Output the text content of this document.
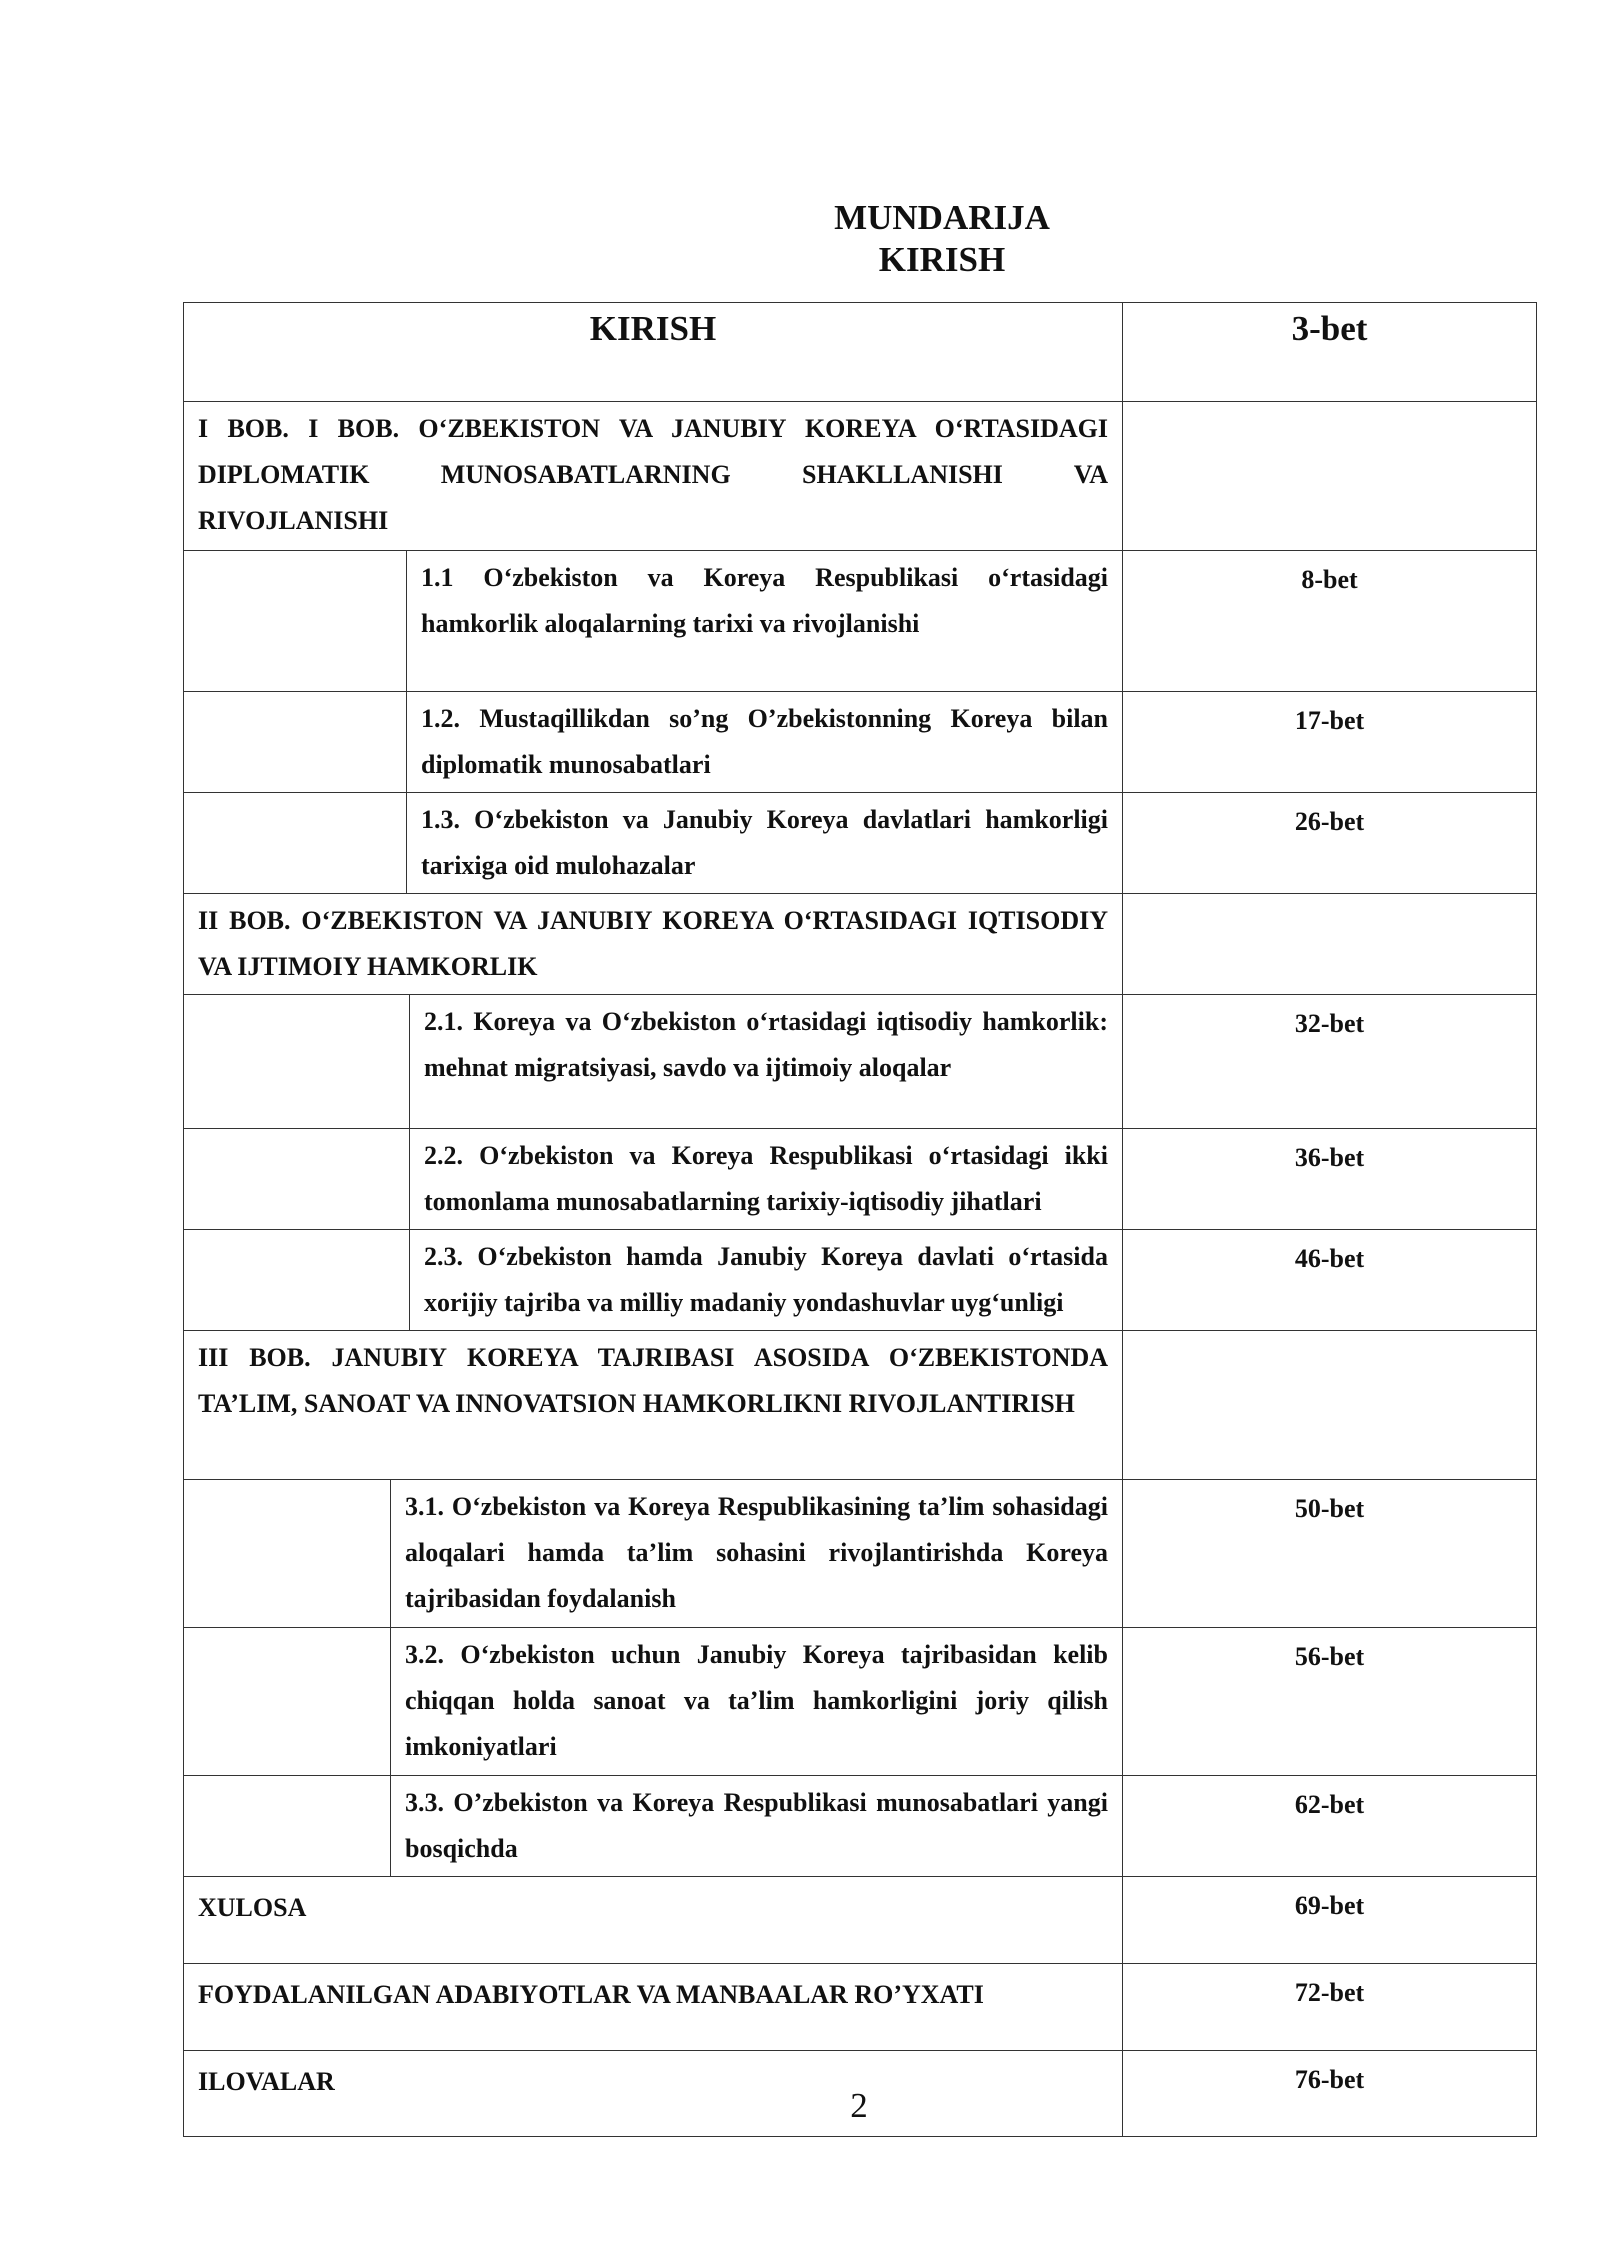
MUNDARIJA
KIRISH
KIRISH	3-bet
I BOB. I BOB. O‘ZBEKISTON VA JANUBIY KOREYA O‘RTASIDAGI DIPLOMATIK MUNOSABATLARNING SHAKLLANISHI VA RIVOJLANISHI	

1.1 O‘zbekiston va Koreya Respublikasi o‘rtasidagi hamkorlik aloqalarning tarixi va rivojlanishi	8-bet

1.2. Mustaqillikdan so’ng O’zbekistonning Koreya bilan diplomatik munosabatlari	17-bet

1.3. O‘zbekiston va Janubiy Koreya davlatlari hamkorligi tarixiga oid mulohazalar	26-bet
II BOB. O‘ZBEKISTON VA JANUBIY KOREYA O‘RTASIDAGI IQTISODIY VA IJTIMOIY HAMKORLIK	

2.1. Koreya va O‘zbekiston o‘rtasidagi iqtisodiy hamkorlik: mehnat migratsiyasi, savdo va ijtimoiy aloqalar	32-bet

2.2. O‘zbekiston va Koreya Respublikasi o‘rtasidagi ikki tomonlama munosabatlarning tarixiy-iqtisodiy jihatlari	36-bet

2.3. O‘zbekiston hamda Janubiy Koreya davlati o‘rtasida xorijiy tajriba va milliy madaniy yondashuvlar uyg‘unligi	46-bet
III BOB. JANUBIY KOREYA TAJRIBASI ASOSIDA O‘ZBEKISTONDA TA’LIM, SANOAT VA INNOVATSION HAMKORLIKNI RIVOJLANTIRISH	

3.1. O‘zbekiston va Koreya Respublikasining ta’lim sohasidagi aloqalari hamda ta’lim sohasini rivojlantirishda Koreya tajribasidan foydalanish	50-bet

3.2. O‘zbekiston uchun Janubiy Koreya tajribasidan kelib chiqqan holda sanoat va ta’lim hamkorligini joriy qilish imkoniyatlari	56-bet

3.3. O’zbekiston va Koreya Respublikasi munosabatlari yangi bosqichda	62-bet
XULOSA	69-bet
FOYDALANILGAN ADABIYOTLAR VA MANBAALAR RO’YXATI	72-bet
ILOVALAR	76-bet
2
